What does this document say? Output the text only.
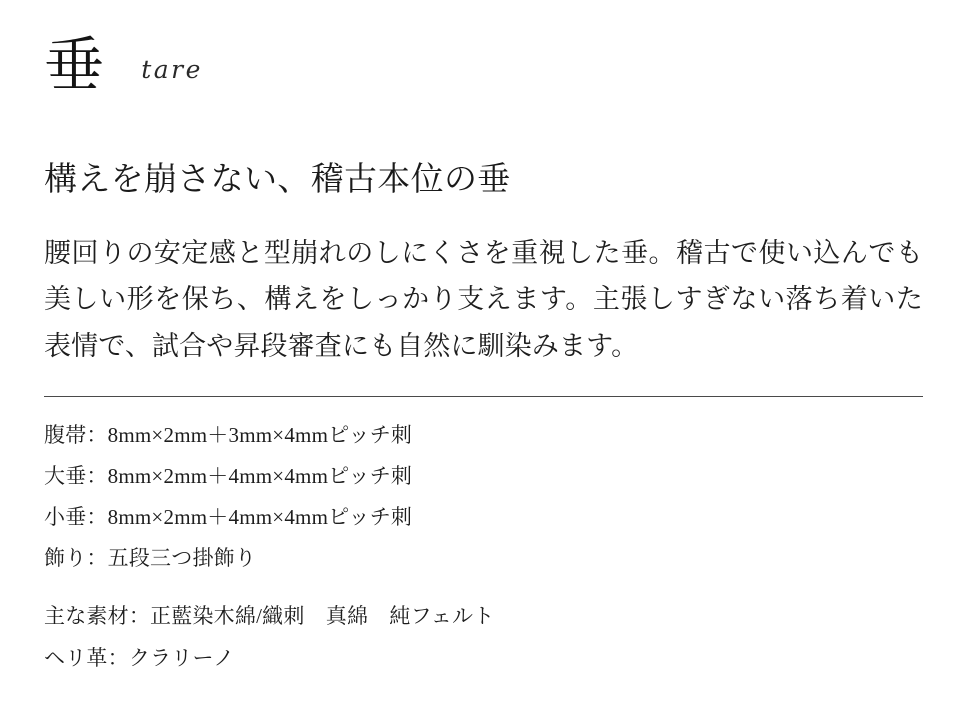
垂 tare
構えを崩さない、稽古本位の垂

腰回りの安定感と型崩れのしにくさを重視した垂。稽古で使い込んでも美しい形を保ち、構えをしっかり支えます。主張しすぎない落ち着いた表情で、試合や昇段審査にも自然に馴染みます。

腹帯：8mm×2mm＋3mm×4mmピッチ刺
大垂：8mm×2mm＋4mm×4mmピッチ刺
小垂：8mm×2mm＋4mm×4mmピッチ刺
飾り：五段三つ掛飾り
主な素材：正藍染木綿/織刺　真綿　純フェルト
ヘリ革：クラリーノ
